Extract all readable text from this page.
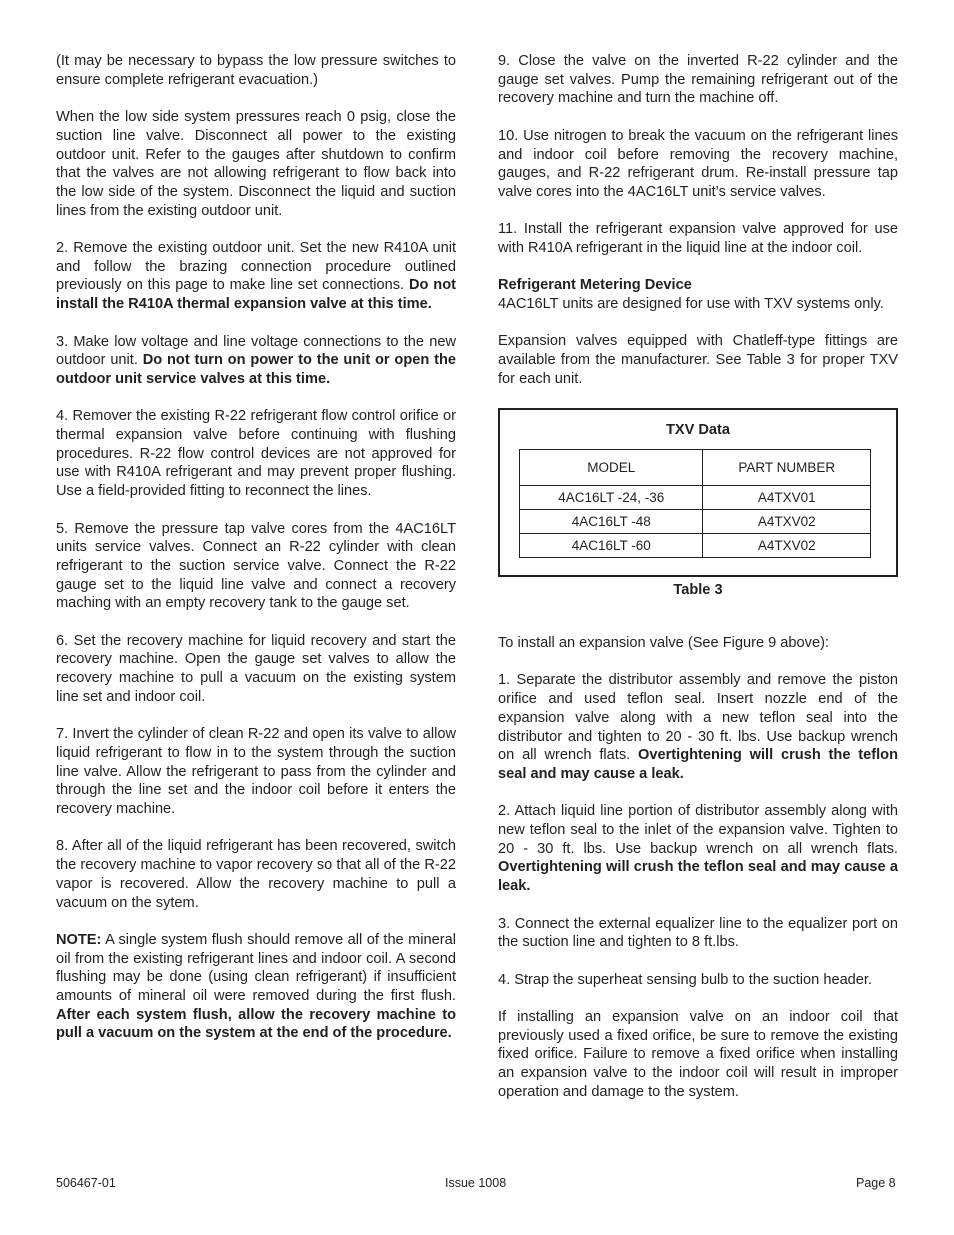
(It may be necessary to bypass the low pressure switches to ensure complete refrigerant evacuation.)

When the low side system pressures reach 0 psig, close the suction line valve. Disconnect all power to the existing outdoor unit. Refer to the gauges after shutdown to confirm that the valves are not allowing refrigerant to flow back into the low side of the system. Disconnect the liquid and suction lines from the existing outdoor unit.

2. Remove the existing outdoor unit. Set the new R410A unit and follow the brazing connection procedure outlined previously on this page to make line set connections. Do not install the R410A thermal expansion valve at this time.

3. Make low voltage and line voltage connections to the new outdoor unit. Do not turn on power to the unit or open the outdoor unit service valves at this time.

4. Remover the existing R-22 refrigerant flow control orifice or thermal expansion valve before continuing with flushing procedures. R-22 flow control devices are not approved for use with R410A refrigerant and may prevent proper flushing. Use a field-provided fitting to reconnect the lines.

5. Remove the pressure tap valve cores from the 4AC16LT units service valves. Connect an R-22 cylinder with clean refrigerant to the suction service valve. Connect the R-22 gauge set to the liquid line valve and connect a recovery maching with an empty recovery tank to the gauge set.

6. Set the recovery machine for liquid recovery and start the recovery machine. Open the gauge set valves to allow the recovery machine to pull a vacuum on the existing system line set and indoor coil.

7. Invert the cylinder of clean R-22 and open its valve to allow liquid refrigerant to flow in to the system through the suction line valve. Allow the refrigerant to pass from the cylinder and through the line set and the indoor coil before it enters the recovery machine.

8. After all of the liquid refrigerant has been recovered, switch the recovery machine to vapor recovery so that all of the R-22 vapor is recovered. Allow the recovery machine to pull a vacuum on the sytem.

NOTE: A single system flush should remove all of the mineral oil from the existing refrigerant lines and indoor coil. A second flushing may be done (using clean refrigerant) if insufficient amounts of mineral oil were removed during the first flush. After each system flush, allow the recovery machine to pull a vacuum on the system at the end of the procedure.

9. Close the valve on the inverted R-22 cylinder and the gauge set valves. Pump the remaining refrigerant out of the recovery machine and turn the machine off.

10. Use nitrogen to break the vacuum on the refrigerant lines and indoor coil before removing the recovery machine, gauges, and R-22 refrigerant drum. Re-install pressure tap valve cores into the 4AC16LT unit’s service valves.

11. Install the refrigerant expansion valve approved for use with R410A refrigerant in the liquid line at the indoor coil.

Refrigerant Metering Device
4AC16LT units are designed for use with TXV systems only.

Expansion valves equipped with Chatleff-type fittings are available from the manufacturer. See Table 3 for proper TXV for each unit.

TXV Data
MODEL	PART NUMBER
4AC16LT -24, -36	A4TXV01
4AC16LT -48	A4TXV02
4AC16LT -60	A4TXV02
Table 3

To install an expansion valve (See Figure 9 above):

1. Separate the distributor assembly and remove the piston orifice and used teflon seal. Insert nozzle end of the expansion valve along with a new teflon seal into the distributor and tighten to 20 - 30 ft. lbs. Use backup wrench on all wrench flats. Overtightening will crush the teflon seal and may cause a leak.

2. Attach liquid line portion of distributor assembly along with new teflon seal to the inlet of the expansion valve. Tighten to 20 - 30 ft. lbs. Use backup wrench on all wrench flats. Overtightening will crush the teflon seal and may cause a leak.

3. Connect the external equalizer line to the equalizer port on the suction line and tighten to 8 ft.lbs.

4. Strap the superheat sensing bulb to the suction header.

If installing an expansion valve on an indoor coil that previously used a fixed orifice, be sure to remove the existing fixed orifice. Failure to remove a fixed orifice when installing an expansion valve to the indoor coil will result in improper operation and damage to the system.

506467-01	Issue 1008	Page 8
